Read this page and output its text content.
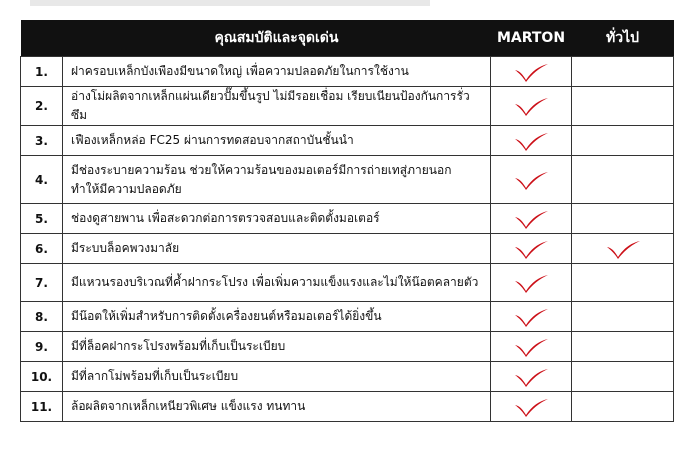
	คุณสมบัติและจุดเด่น	MARTON	ทั่วไป
1.	ฝาครอบเหล็กบังเพืองมีขนาดใหญ่ เพื่อความปลอดภัยในการใช้งาน	

2.	อ่างโม่ผลิตจากเหล็กแผ่นเดียวปั๊มขึ้นรูป ไม่มีรอยเชื่อม เรียบเนียนป้องกันการรั่วซึม	

3.	เฟืองเหล็กหล่อ FC25 ผ่านการทดสอบจากสถาบันชั้นนำ	

4.	มีช่องระบายความร้อน ช่วยให้ความร้อนของมอเตอร์มีการถ่ายเทสู่ภายนอก ทำให้มีความปลอดภัย	

5.	ช่องดูสายพาน เพื่อสะดวกต่อการตรวจสอบและติดตั้งมอเตอร์	

6.	มีระบบล็อคพวงมาลัย	

7.	มีแหวนรองบริเวณที่ค้ำฝากระโปรง เพื่อเพิ่มความแข็งแรงและไม่ให้น๊อตคลายตัว	

8.	มีน๊อตให้เพิ่มสำหรับการติดตั้งเครื่องยนต์หรือมอเตอร์ได้ยิ่งขึ้น	

9.	มีที่ล็อคฝากระโปรงพร้อมที่เก็บเป็นระเบียบ	

10.	มีที่ลากโม่พร้อมที่เก็บเป็นระเบียบ	

11.	ล้อผลิตจากเหล็กเหนียวพิเศษ แข็งแรง ทนทาน	
